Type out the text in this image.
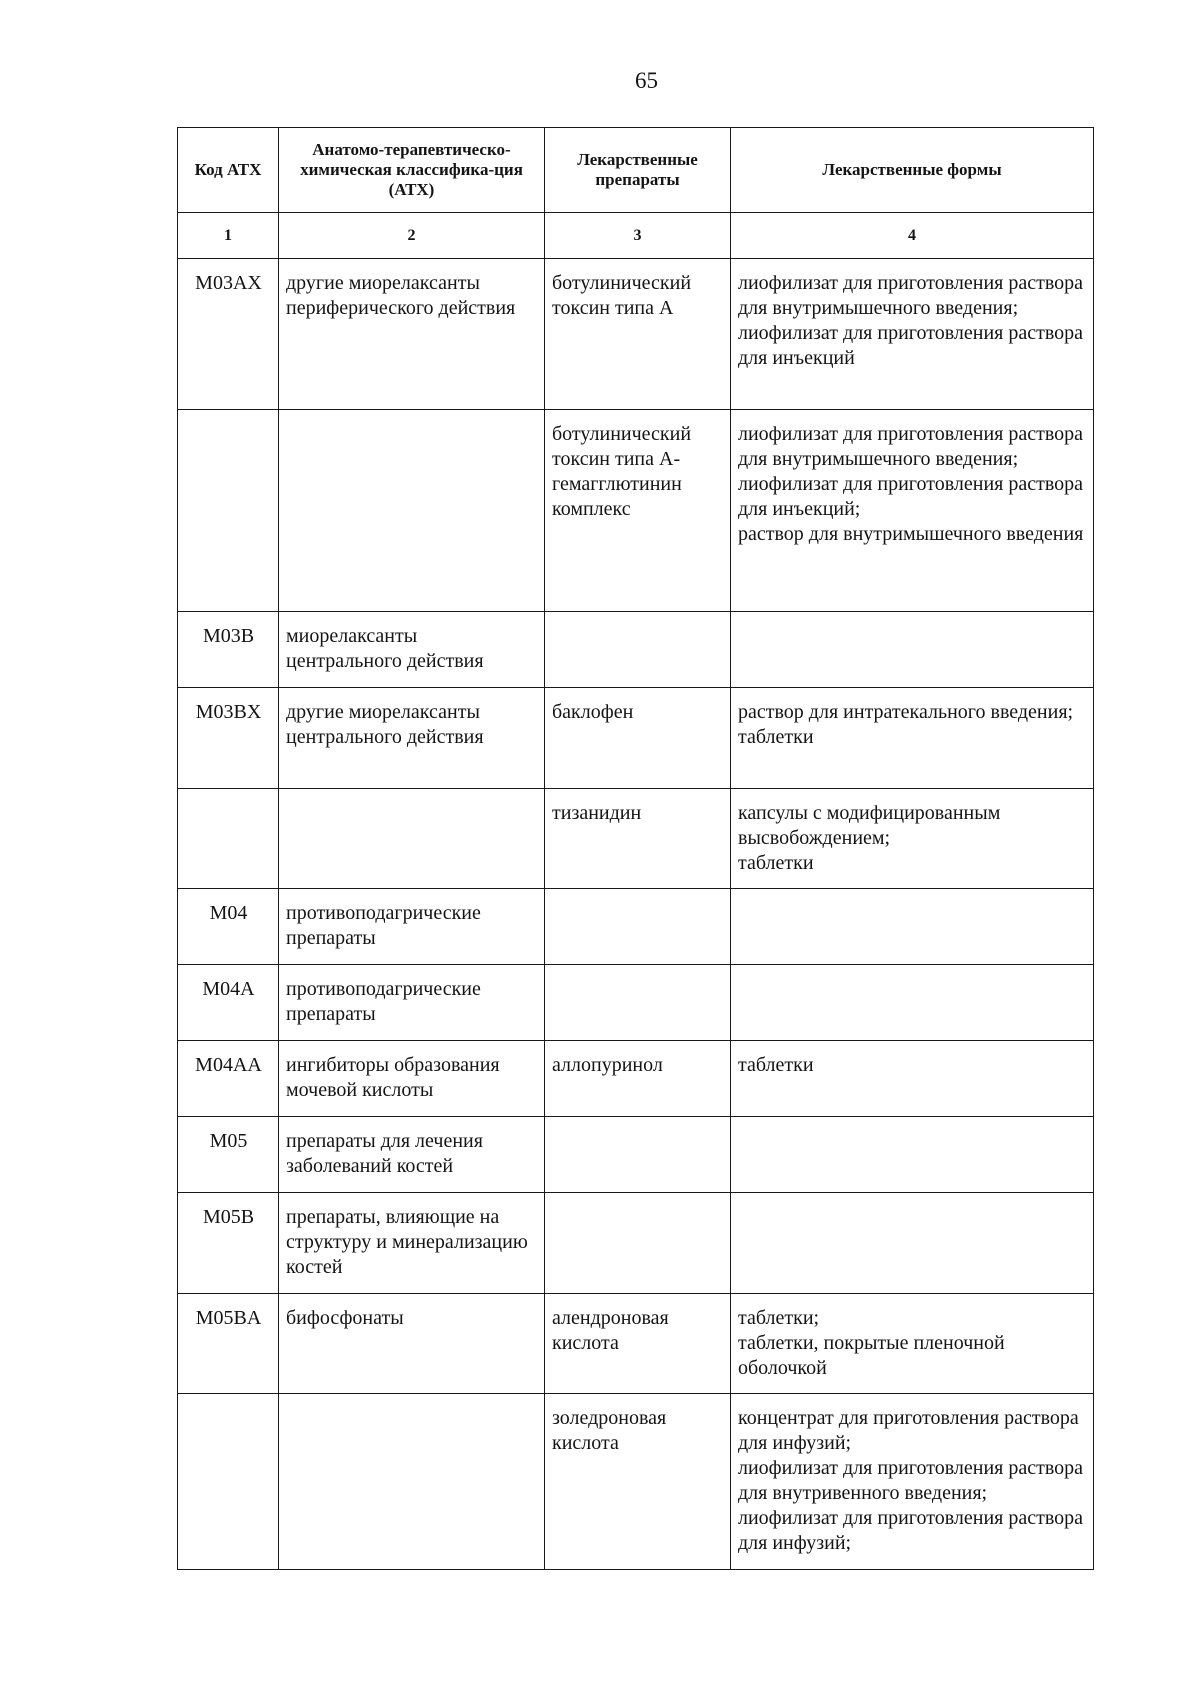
65
Код АТХ	Анатомо-терапевтическо-химическая классифика-ция (АТХ)	Лекарственные препараты	Лекарственные формы
1	2	3	4
M03AX	другие миорелаксанты периферического действия	ботулинический токсин типа А	лиофилизат для приготовления раствора для внутримышечного введения;
лиофилизат для приготовления раствора для инъекций

		ботулинический токсин типа А-гемагглютинин комплекс	лиофилизат для приготовления раствора для внутримышечного введения;
лиофилизат для приготовления раствора для инъекций;
раствор для внутримышечного введения

M03B	миорелаксанты центрального действия		
M03BX	другие миорелаксанты центрального действия	баклофен	раствор для интратекального введения;
таблетки

		тизанидин	капсулы с модифицированным высвобождением;
таблетки

M04	противоподагрические препараты		
M04A	противоподагрические препараты		
M04AA	ингибиторы образования мочевой кислоты	аллопуринол	таблетки

M05	препараты для лечения заболеваний костей		
M05B	препараты, влияющие на структуру и минерализацию костей		
M05BA	бифосфонаты	алендроновая кислота	таблетки;
таблетки, покрытые пленочной оболочкой

		золедроновая кислота	концентрат для приготовления раствора для инфузий;
лиофилизат для приготовления раствора для внутривенного введения;
лиофилизат для приготовления раствора для инфузий;
